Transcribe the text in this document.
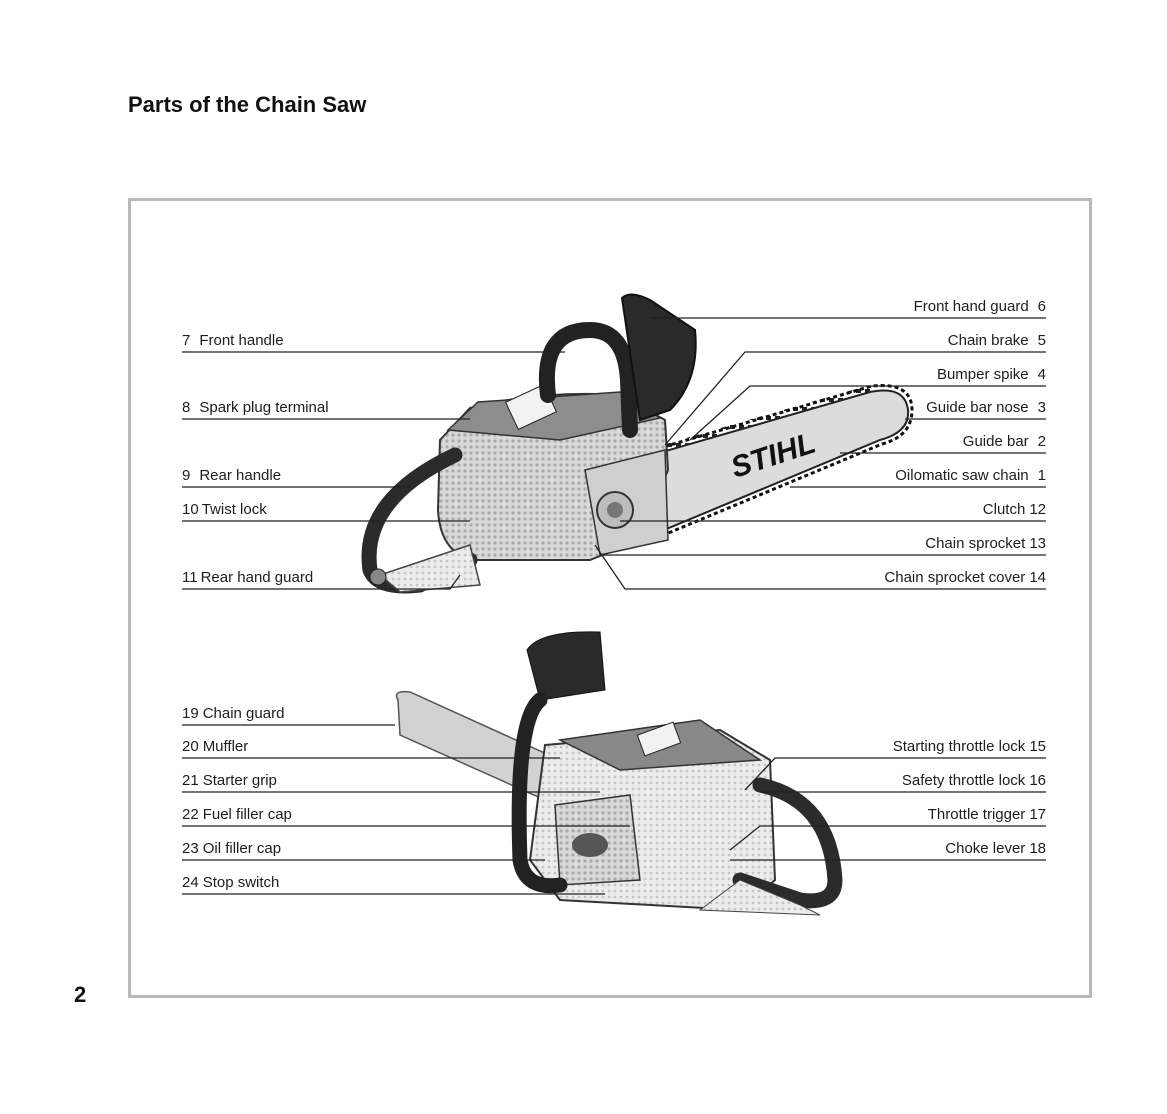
Parts of the Chain Saw
STIHL
7 Front handle
8 Spark plug terminal
9 Rear handle
10 Twist lock
11 Rear hand guard
Front hand guard 6
Chain brake 5
Bumper spike 4
Guide bar nose 3
Guide bar 2
Oilomatic saw chain 1
Clutch 12
Chain sprocket 13
Chain sprocket cover 14
19 Chain guard
20 Muffler
21 Starter grip
22 Fuel filler cap
23 Oil filler cap
24 Stop switch
Starting throttle lock 15
Safety throttle lock 16
Throttle trigger 17
Choke lever 18
2
